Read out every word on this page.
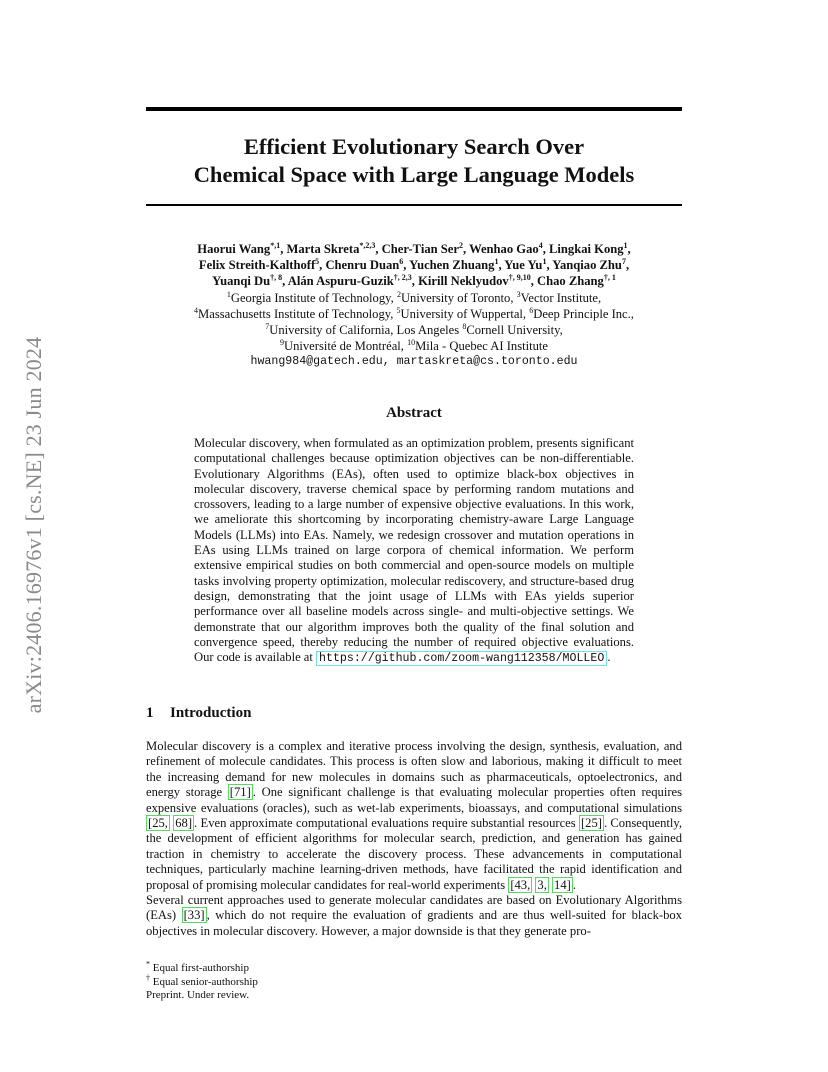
arXiv:2406.16976v1 [cs.NE] 23 Jun 2024
Efficient Evolutionary Search Over
Chemical Space with Large Language Models
Haorui Wang$^{*,1}$, Marta Skreta$^{*,2,3}$, Cher-Tian Ser$^2$, Wenhao Gao$^4$, Lingkai Kong$^1$,
Felix Streith-Kalthoff$^5$, Chenru Duan$^6$, Yuchen Zhuang$^1$, Yue Yu$^1$, Yanqiao Zhu$^7$,
Yuanqi $Du^{\dagger, 8}$, Alán Aspuru-Guzik$^{\dagger, 2,3}$, Kirill Neklyudov$^{\dagger, 9,10}$, Chao Zhang$^{\dagger, 1}$
$^1$Georgia Institute of Technology, $^2$University of Toronto, $^3$Vector Institute,
$^4$Massachusetts Institute of Technology, $^5$University of Wuppertal, $^6$Deep Principle Inc.,
$^7$University of California, Los Angeles $^8$Cornell University,
$^9$Université de Montréal, $^{10}$Mila - Quebec AI Institute
hwang984@gatech.edu, martaskreta@cs.toronto.edu
Abstract
Molecular discovery, when formulated as an optimization problem, presents significant computational challenges because optimization objectives can be non-differentiable. Evolutionary Algorithms (EAs), often used to optimize black-box objectives in molecular discovery, traverse chemical space by performing random mutations and crossovers, leading to a large number of expensive objective evaluations. In this work, we ameliorate this shortcoming by incorporating chemistry-aware Large Language Models (LLMs) into EAs. Namely, we redesign crossover and mutation operations in EAs using LLMs trained on large corpora of chemical information. We perform extensive empirical studies on both commercial and open-source models on multiple tasks involving property optimization, molecular rediscovery, and structure-based drug design, demonstrating that the joint usage of LLMs with EAs yields superior performance over all baseline models across single- and multi-objective settings. We demonstrate that our algorithm improves both the quality of the final solution and convergence speed, thereby reducing the number of required objective evaluations. Our code is available at https://github.com/zoom-wang112358/MOLLEO .
1 Introduction
Molecular discovery is a complex and iterative process involving the design, synthesis, evaluation, and refinement of molecule candidates. This process is often slow and laborious, making it difficult to meet the increasing demand for new molecules in domains such as pharmaceuticals, optoelectronics, and energy storage [71] . One significant challenge is that evaluating molecular properties often requires expensive evaluations (oracles), such as wet-lab experiments, bioassays, and computational simulations [25, 68] . Even approximate computational evaluations require substantial resources [25] . Consequently, the development of efficient algorithms for molecular search, prediction, and generation has gained traction in chemistry to accelerate the discovery process. These advancements in computational techniques, particularly machine learning-driven methods, have facilitated the rapid identification and proposal of promising molecular candidates for real-world experiments [43, 3, 14] .
Several current approaches used to generate molecular candidates are based on Evolutionary Algorithms (EAs) [33] , which do not require the evaluation of gradients and are thus well-suited for black-box objectives in molecular discovery. However, a major downside is that they generate pro-
* Equal first-authorship
† Equal senior-authorship
Preprint. Under review.
